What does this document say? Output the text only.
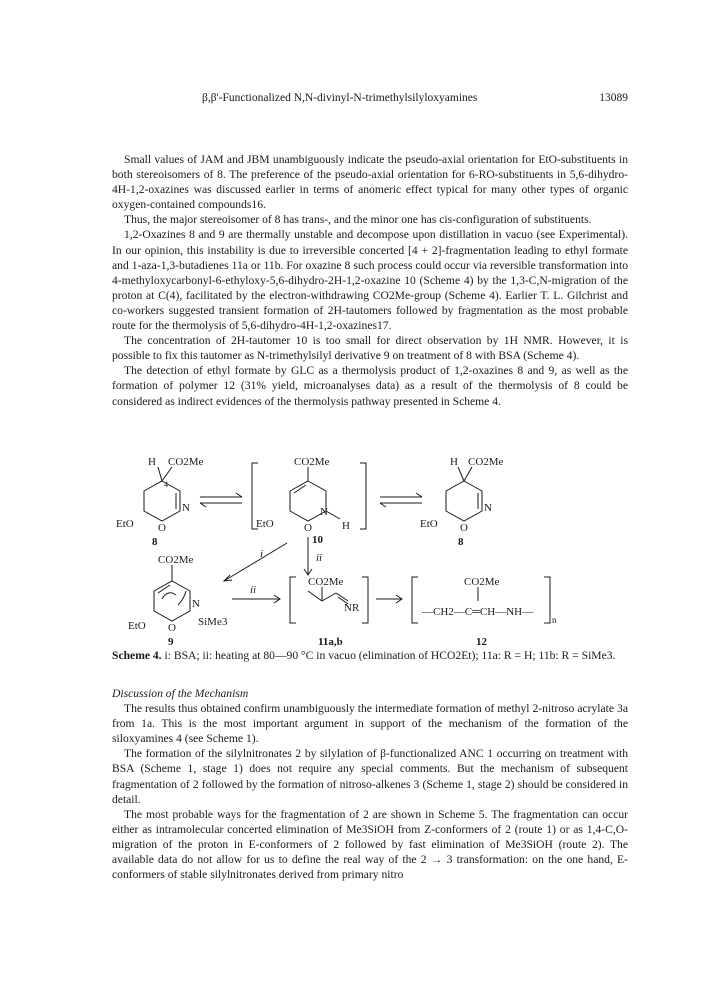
β,β'-Functionalized N,N-divinyl-N-trimethylsilyloxyamines	13089

Small values of JAM and JBM unambiguously indicate the pseudo-axial orientation for EtO-substituents in both stereoisomers of 8. The preference of the pseudo-axial orientation for 6-RO-substituents in 5,6-dihydro-4H-1,2-oxazines was discussed earlier in terms of anomeric effect typical for many other types of organic oxygen-contained compounds16.

Thus, the major stereoisomer of 8 has trans-, and the minor one has cis-configuration of substituents.

1,2-Oxazines 8 and 9 are thermally unstable and decompose upon distillation in vacuo (see Experimental). In our opinion, this instability is due to irreversible concerted [4 + 2]-fragmentation leading to ethyl formate and 1-aza-1,3-butadienes 11a or 11b. For oxazine 8 such process could occur via reversible transformation into 4-methyloxycarbonyl-6-ethyloxy-5,6-dihydro-2H-1,2-oxazine 10 (Scheme 4) by the 1,3-C,N-migration of the proton at C(4), facilitated by the electron-withdrawing CO2Me-group (Scheme 4). Earlier T. L. Gilchrist and co-workers suggested transient formation of 2H-tautomers followed by fragmentation as the most probable route for the thermolysis of 5,6-dihydro-4H-1,2-oxazines17.

The concentration of 2H-tautomer 10 is too small for direct observation by 1H NMR. However, it is possible to fix this tautomer as N-trimethylsilyl derivative 9 on treatment of 8 with BSA (Scheme 4).

The detection of ethyl formate by GLC as a thermolysis product of 1,2-oxazines 8 and 9, as well as the formation of polymer 12 (31% yield, microanalyses data) as a result of the thermolysis of 8 could be considered as indirect evidences of the thermolysis pathway presented in Scheme 4.

H CO2Me
4
N
O
EtO
8
CO2Me
N
O	H
EtO
10
H CO2Me
N
O
EtO
8
i	ii
ii
CO2Me
N
O
EtO	SiMe3
9
CO2Me
NR
11a,b
CO2Me
—CH2—C═CH—NH—
n
12
Scheme 4. i: BSA; ii: heating at 80—90 °C in vacuo (elimination of HCO2Et); 11a: R = H; 11b: R = SiMe3.

Discussion of the Mechanism

The results thus obtained confirm unambiguously the intermediate formation of methyl 2-nitroso acrylate 3a from 1a. This is the most important argument in support of the mechanism of the formation of the siloxyamines 4 (see Scheme 1).

The formation of the silylnitronates 2 by silylation of β-functionalized ANC 1 occurring on treatment with BSA (Scheme 1, stage 1) does not require any special comments. But the mechanism of subsequent fragmentation of 2 followed by the formation of nitroso-alkenes 3 (Scheme 1, stage 2) should be considered in detail.

The most probable ways for the fragmentation of 2 are shown in Scheme 5. The fragmentation can occur either as intramolecular concerted elimination of Me3SiOH from Z-conformers of 2 (route 1) or as 1,4-C,O-migration of the proton in E-conformers of 2 followed by fast elimination of Me3SiOH (route 2). The available data do not allow for us to define the real way of the 2 → 3 transformation: on the one hand, E-conformers of stable silylnitronates derived from primary nitro
